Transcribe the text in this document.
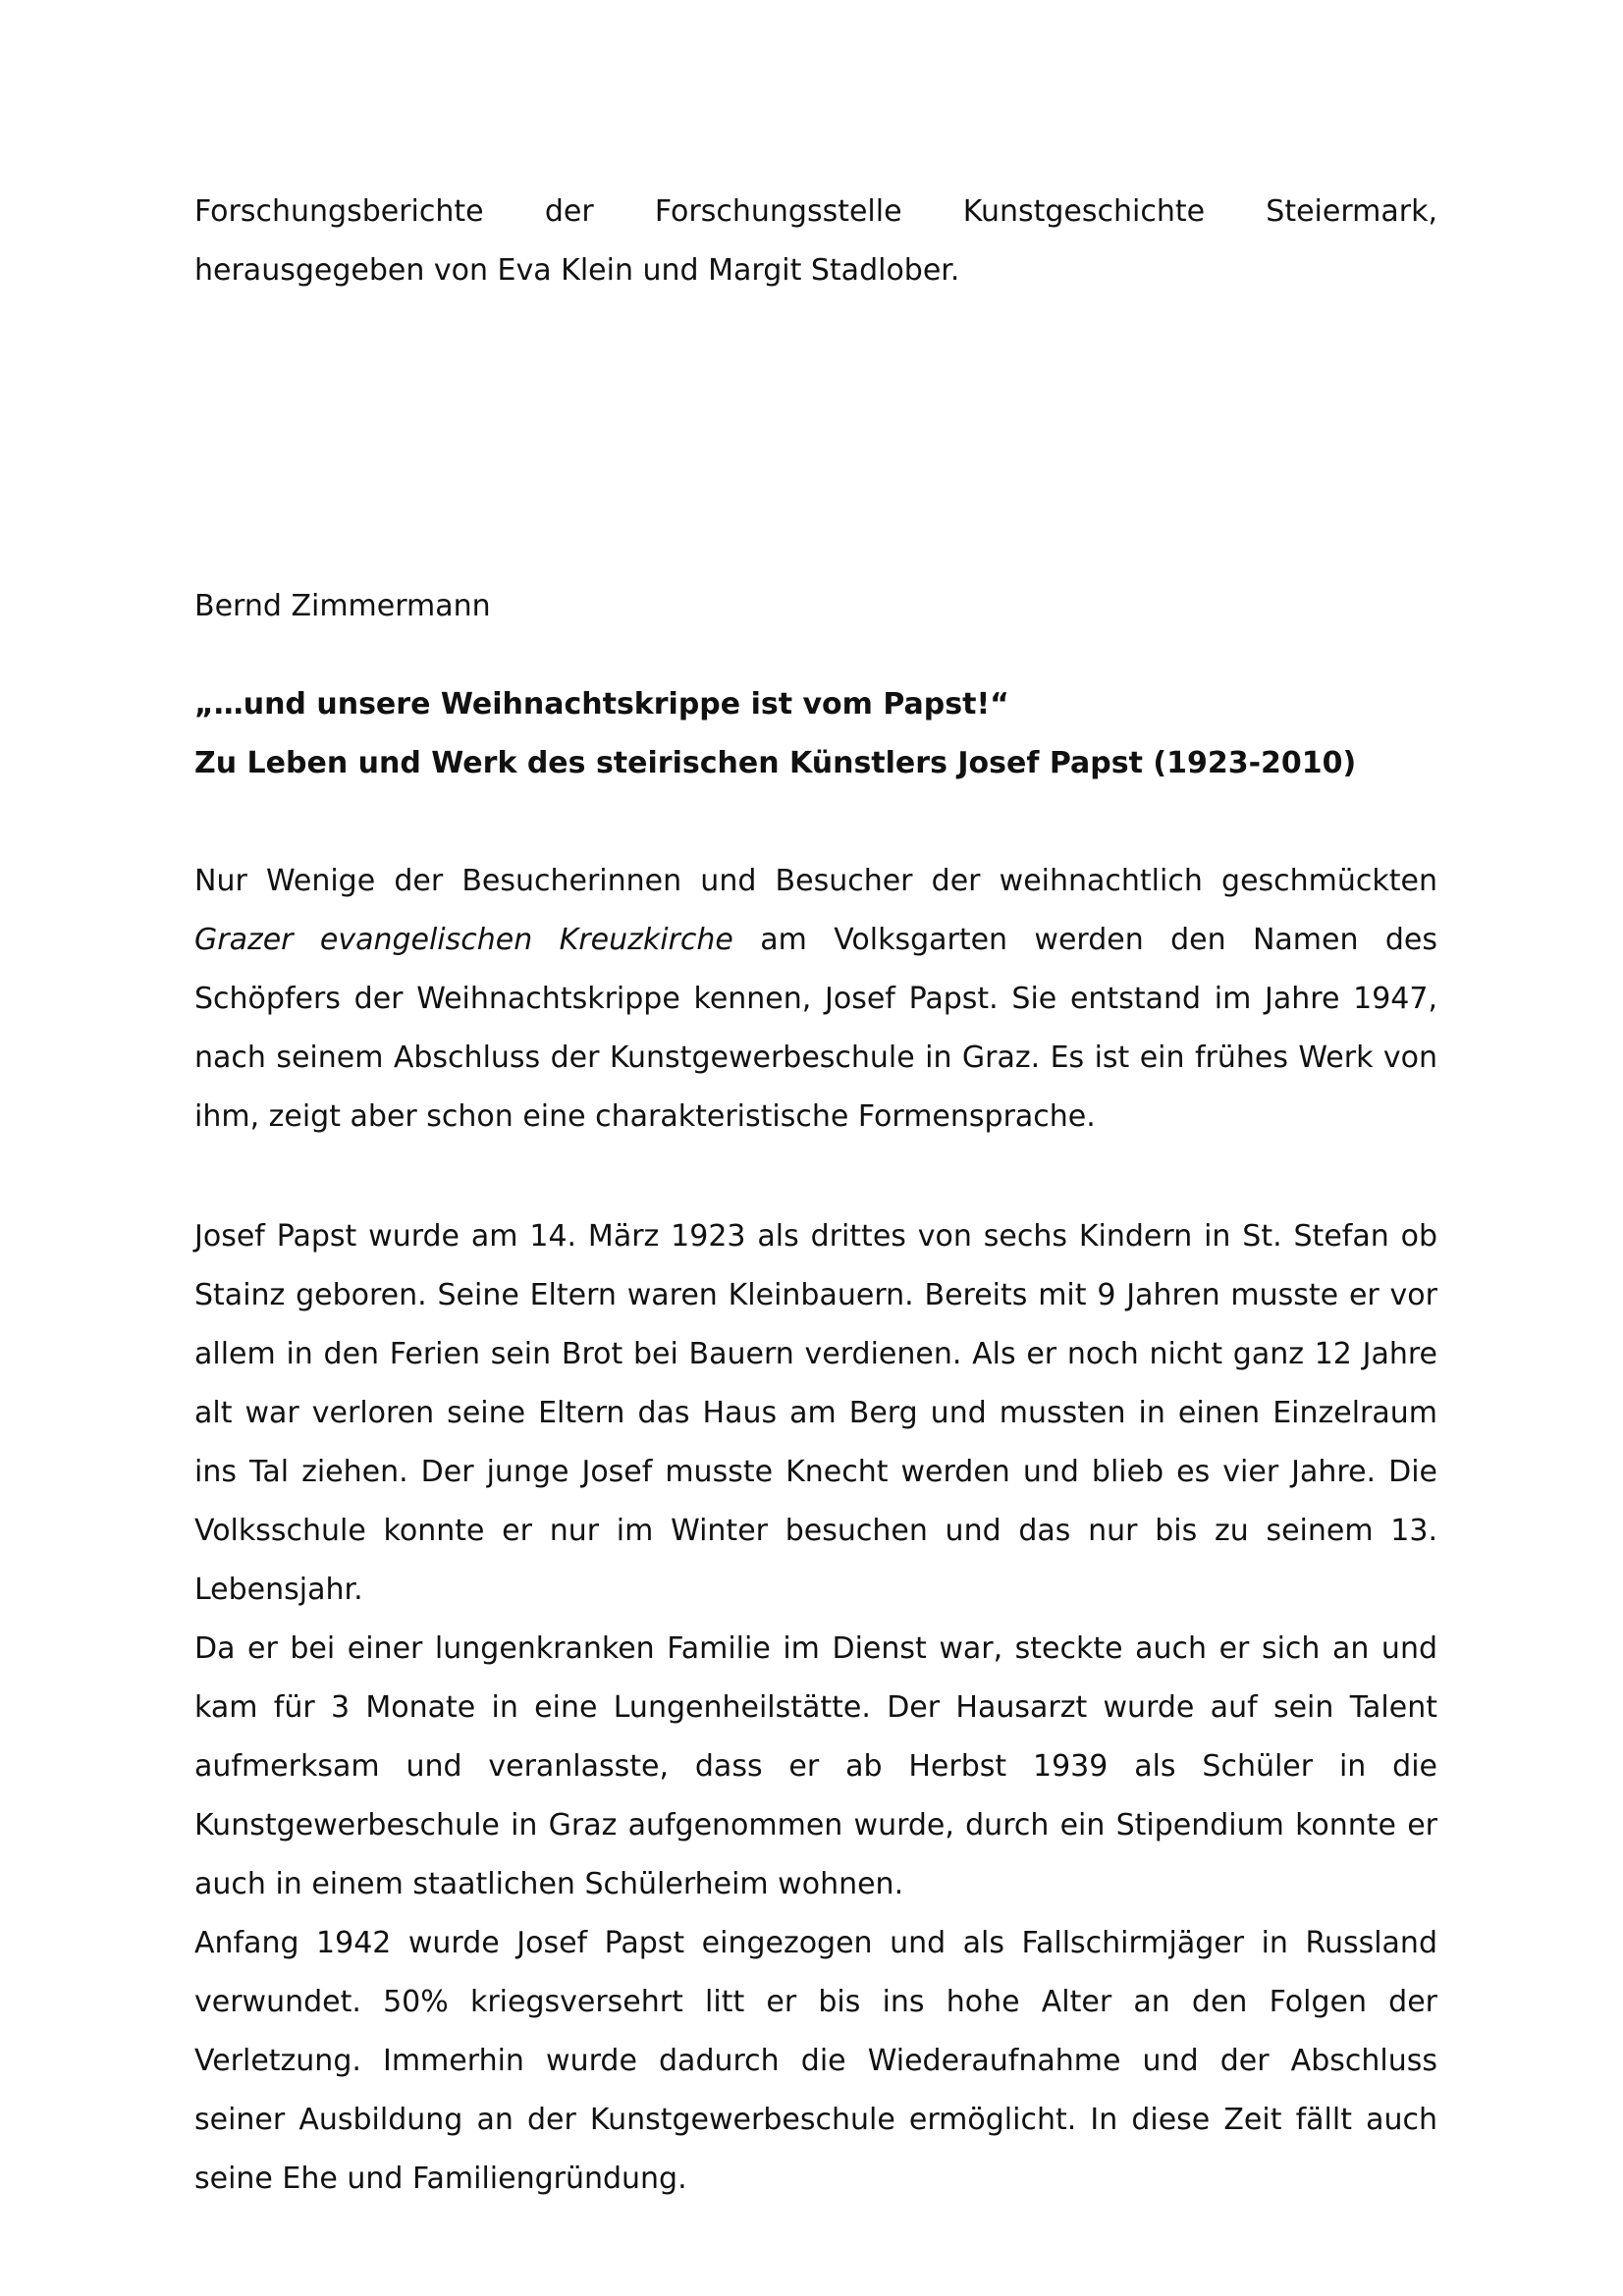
Forschungsberichte der Forschungsstelle Kunstgeschichte Steiermark, herausgegeben von Eva Klein und Margit Stadlober.

Bernd Zimmermann

„…und unsere Weihnachtskrippe ist vom Papst!“
Zu Leben und Werk des steirischen Künstlers Josef Papst (1923-2010)

Nur Wenige der Besucherinnen und Besucher der weihnachtlich geschmückten Grazer evangelischen Kreuzkirche am Volksgarten werden den Namen des Schöpfers der Weihnachtskrippe kennen, Josef Papst. Sie entstand im Jahre 1947, nach seinem Abschluss der Kunstgewerbeschule in Graz. Es ist ein frühes Werk von ihm, zeigt aber schon eine charakteristische Formensprache.

Josef Papst wurde am 14. März 1923 als drittes von sechs Kindern in St. Stefan ob Stainz geboren. Seine Eltern waren Kleinbauern. Bereits mit 9 Jahren musste er vor allem in den Ferien sein Brot bei Bauern verdienen. Als er noch nicht ganz 12 Jahre alt war verloren seine Eltern das Haus am Berg und mussten in einen Einzelraum ins Tal ziehen. Der junge Josef musste Knecht werden und blieb es vier Jahre. Die Volksschule konnte er nur im Winter besuchen und das nur bis zu seinem 13. Lebensjahr.

Da er bei einer lungenkranken Familie im Dienst war, steckte auch er sich an und kam für 3 Monate in eine Lungenheilstätte. Der Hausarzt wurde auf sein Talent aufmerksam und veranlasste, dass er ab Herbst 1939 als Schüler in die Kunstgewerbeschule in Graz aufgenommen wurde, durch ein Stipendium konnte er auch in einem staatlichen Schülerheim wohnen.

Anfang 1942 wurde Josef Papst eingezogen und als Fallschirmjäger in Russland verwundet. 50% kriegsversehrt litt er bis ins hohe Alter an den Folgen der Verletzung. Immerhin wurde dadurch die Wiederaufnahme und der Abschluss seiner Ausbildung an der Kunstgewerbeschule ermöglicht. In diese Zeit fällt auch seine Ehe und Familiengründung.
